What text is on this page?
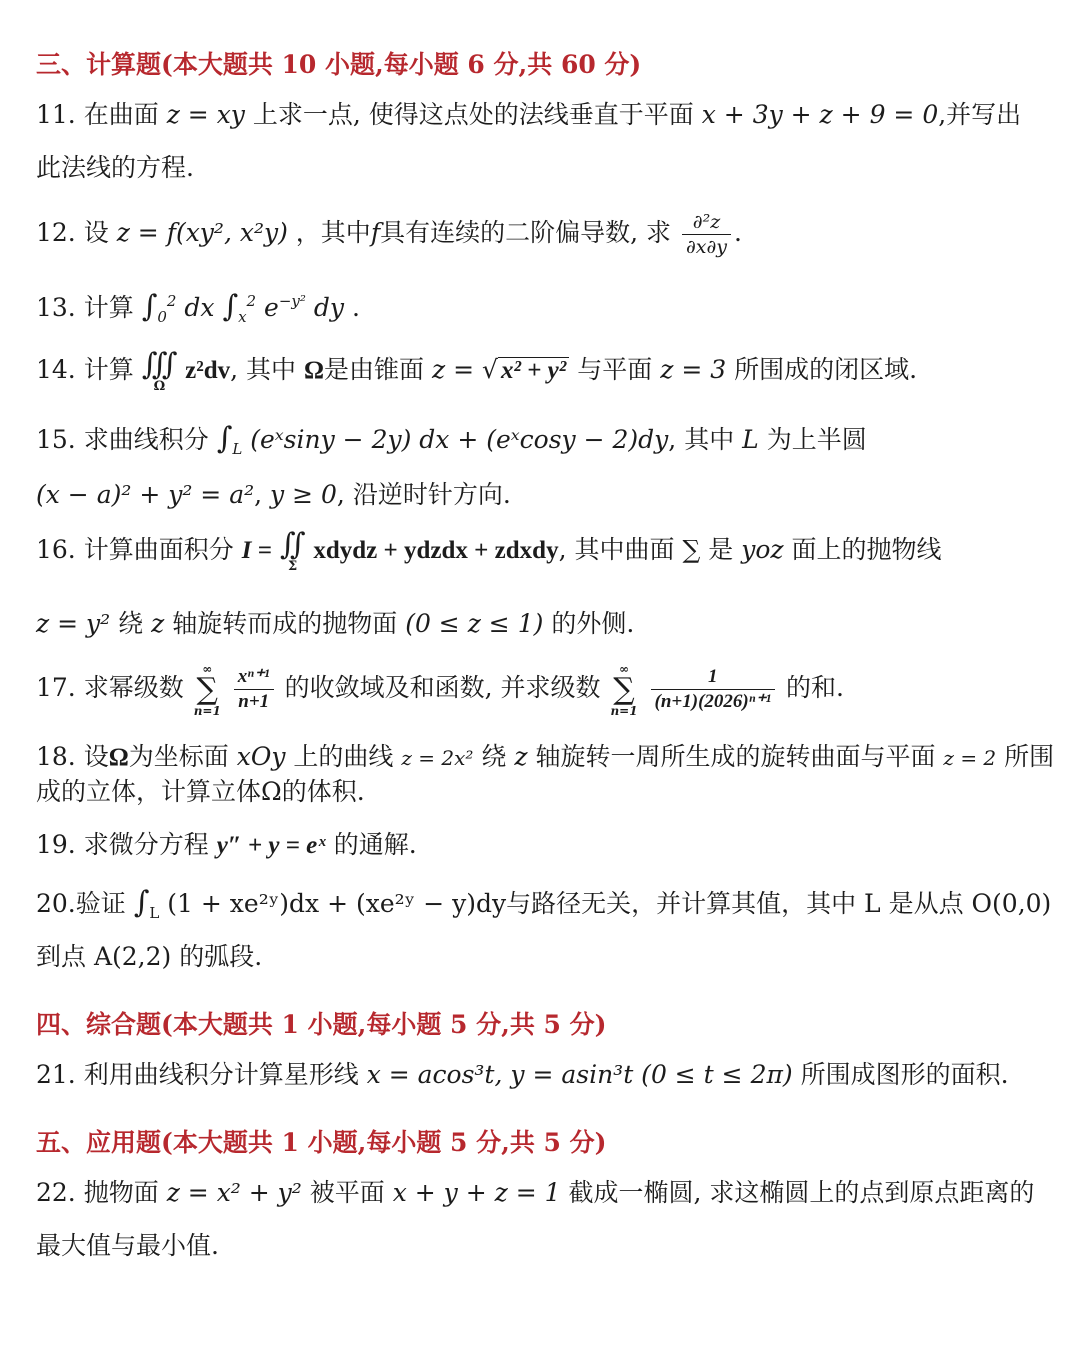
三、计算题(本大题共 10 小题,每小题 6 分,共 60 分)
11. 在曲面 z = xy 上求一点, 使得这点处的法线垂直于平面 x + 3y + z + 9 = 0,并写出
此法线的方程.
12. 设 z = f(xy², x²y) ，其中f具有连续的二阶偏导数, 求 $\frac{\text{∂²z}}{\partial x\partial y}$ .
13. 计算 $\int_0^2$ dx $\int_x^2$ $e^{-y^2}$ dy .
14. 计算 ∭
Ω
z²dv, 其中 Ω是由锥面 z = √ x² + y² 与平面 z = 3 所围成的闭区域.
15. 求曲线积分 $\int_L$ (eˣsiny − 2y) dx + (eˣcosy − 2)dy, 其中 L 为上半圆
(x − a)² + y² = a², y ≥ 0, 沿逆时针方向.
16. 计算曲面积分 I = ∬
Σ
xdydz + ydzdx + zdxdy, 其中曲面 ∑ 是 yoz 面上的抛物线
z = y² 绕 z 轴旋转而成的抛物面 (0 ≤ z ≤ 1) 的外侧.
17. 求幂级数
∞
∑
n=1
$\frac{\text{xⁿ⁺¹}}{n+1}$ 的收敛域及和函数, 并求级数
∞
∑
n=1
$\frac{1}{\text{(n+1)(2026)ⁿ⁺¹}}$ 的和.
18. 设Ω为坐标面 xOy 上的曲线 z = 2x² 绕 z 轴旋转一周所生成的旋转曲面与平面 z = 2 所围
成的立体，计算立体Ω的体积.
19. 求微分方程 y″ + y = eˣ 的通解.
20.验证 $\int_L$ (1 + xe²ʸ)dx + (xe²ʸ − y)dy与路径无关，并计算其值，其中 L 是从点 O(0,0)
到点 A(2,2) 的弧段.
四、综合题(本大题共 1 小题,每小题 5 分,共 5 分)
21. 利用曲线积分计算星形线 x = acos³t, y = asin³t (0 ≤ t ≤ 2π) 所围成图形的面积.
五、应用题(本大题共 1 小题,每小题 5 分,共 5 分)
22. 抛物面 z = x² + y² 被平面 x + y + z = 1 截成一椭圆, 求这椭圆上的点到原点距离的
最大值与最小值.
